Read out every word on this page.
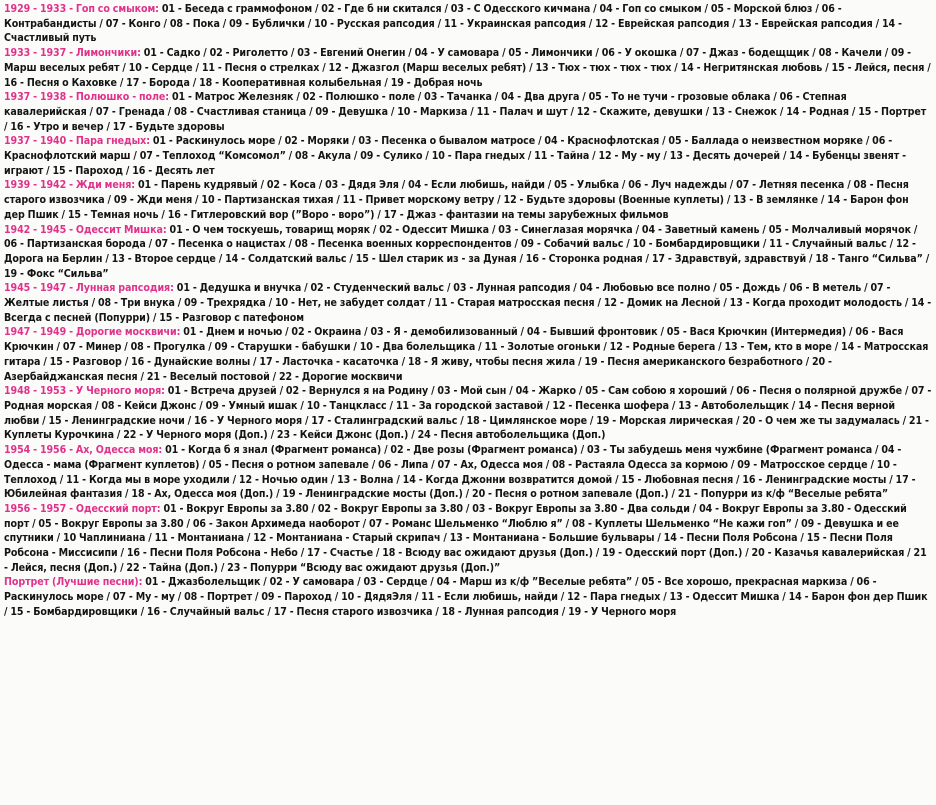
1929 - 1933 - Гоп со смыком: 01 - Беседа с граммофоном / 02 - Где б ни скитался / 03 - С Одесского кичмана / 04 - Гоп со смыком / 05 - Морской блюз / 06 - Контрабандисты / 07 - Конго / 08 - Пока / 09 - Бублички / 10 - Русская рапсодия / 11 - Украинская рапсодия / 12 - Еврейская рапсодия / 13 - Еврейская рапсодия / 14 - Счастливый путь

1933 - 1937 - Лимончики: 01 - Садко / 02 - Риголетто / 03 - Евгений Онегин / 04 - У самовара / 05 - Лимончики / 06 - У окошка / 07 - Джаз - бодещщик / 08 - Качели / 09 - Марш веселых ребят / 10 - Сердце / 11 - Песня о стрелках / 12 - Джазгол (Марш веселых ребят) / 13 - Тюх - тюх - тюх - тюх / 14 - Негритянская любовь / 15 - Лейся, песня / 16 - Песня о Каховке / 17 - Борода / 18 - Кооперативная колыбельная / 19 - Добрая ночь

1937 - 1938 - Полюшко - поле: 01 - Матрос Железняк / 02 - Полюшко - поле / 03 - Тачанка / 04 - Два друга / 05 - То не тучи - грозовые облака / 06 - Степная кавалерийская / 07 - Гренада / 08 - Счастливая станица / 09 - Девушка / 10 - Маркиза / 11 - Палач и шут / 12 - Скажите, девушки / 13 - Снежок / 14 - Родная / 15 - Портрет / 16 - Утро и вечер / 17 - Будьте здоровы

1937 - 1940 - Пара гнедых: 01 - Раскинулось море / 02 - Моряки / 03 - Песенка о бывалом матросе / 04 - Краснофлотская / 05 - Баллада о неизвестном моряке / 06 - Краснофлотский марш / 07 - Теплоход “Комсомол” / 08 - Акула / 09 - Сулико / 10 - Пара гнедых / 11 - Тайна / 12 - Му - му / 13 - Десять дочерей / 14 - Бубенцы звенят - играют / 15 - Пароход / 16 - Десять лет

1939 - 1942 - Жди меня: 01 - Парень кудрявый / 02 - Коса / 03 - Дядя Эля / 04 - Если любишь, найди / 05 - Улыбка / 06 - Луч надежды / 07 - Летняя песенка / 08 - Песня старого извозчика / 09 - Жди меня / 10 - Партизанская тихая / 11 - Привет морскому ветру / 12 - Будьте здоровы (Военные куплеты) / 13 - В землянке / 14 - Барон фон дер Пшик / 15 - Темная ночь / 16 - Гитлеровский вор (”Воро - воро”) / 17 - Джаз - фантазии на темы зарубежных фильмов

1942 - 1945 - Одессит Мишка: 01 - О чем тоскуешь, товарищ моряк / 02 - Одессит Мишка / 03 - Синеглазая морячка / 04 - Заветный камень / 05 - Молчаливый морячок / 06 - Партизанская борода / 07 - Песенка о нацистах / 08 - Песенка военных корреспондентов / 09 - Собачий вальс / 10 - Бомбардировщики / 11 - Случайный вальс / 12 - Дорога на Берлин / 13 - Второе сердце / 14 - Солдатский вальс / 15 - Шел старик из - за Дуная / 16 - Сторонка родная / 17 - Здравствуй, здравствуй / 18 - Танго “Сильва” / 19 - Фокс “Сильва”

1945 - 1947 - Лунная рапсодия: 01 - Дедушка и внучка / 02 - Студенческий вальс / 03 - Лунная рапсодия / 04 - Любовью все полно / 05 - Дождь / 06 - В метель / 07 - Желтые листья / 08 - Три внука / 09 - Трехрядка / 10 - Нет, не забудет солдат / 11 - Старая матросская песня / 12 - Домик на Лесной / 13 - Когда проходит молодость / 14 - Всегда с песней (Попурри) / 15 - Разговор с патефоном

1947 - 1949 - Дорогие москвичи: 01 - Днем и ночью / 02 - Окраина / 03 - Я - демобилизованный / 04 - Бывший фронтовик / 05 - Вася Крючкин (Интермедия) / 06 - Вася Крючкин / 07 - Минер / 08 - Прогулка / 09 - Старушки - бабушки / 10 - Два болельщика / 11 - Золотые огоньки / 12 - Родные берега / 13 - Тем, кто в море / 14 - Матросская гитара / 15 - Разговор / 16 - Дунайские волны / 17 - Ласточка - касаточка / 18 - Я живу, чтобы песня жила / 19 - Песня американского безработного / 20 - Азербайджанская песня / 21 - Веселый постовой / 22 - Дорогие москвичи

1948 - 1953 - У Черного моря: 01 - Встреча друзей / 02 - Вернулся я на Родину / 03 - Мой сын / 04 - Жарко / 05 - Сам собою я хороший / 06 - Песня о полярной дружбе / 07 - Родная морская / 08 - Кейси Джонс / 09 - Умный ишак / 10 - Танцкласс / 11 - За городской заставой / 12 - Песенка шофера / 13 - Автоболельщик / 14 - Песня верной любви / 15 - Ленинградские ночи / 16 - У Черного моря / 17 - Сталинградский вальс / 18 - Цимлянское море / 19 - Морская лирическая / 20 - О чем же ты задумалась / 21 - Куплеты Курочкина / 22 - У Черного моря (Доп.) / 23 - Кейси Джонс (Доп.) / 24 - Песня автоболельщика (Доп.)

1954 - 1956 - Ах, Одесса моя: 01 - Когда б я знал (Фрагмент романса) / 02 - Две розы (Фрагмент романса) / 03 - Ты забудешь меня чужбине (Фрагмент романса / 04 - Одесса - мама (Фрагмент куплетов) / 05 - Песня о ротном запевале / 06 - Липа / 07 - Ах, Одесса моя / 08 - Растаяла Одесса за кормою / 09 - Матросское сердце / 10 - Теплоход / 11 - Когда мы в море уходили / 12 - Ночью один / 13 - Волна / 14 - Когда Джонни возвратится домой / 15 - Любовная песня / 16 - Ленинградские мосты / 17 - Юбилейная фантазия / 18 - Ах, Одесса моя (Доп.) / 19 - Ленинградские мосты (Доп.) / 20 - Песня о ротном запевале (Доп.) / 21 - Попурри из к/ф “Веселые ребята”

1956 - 1957 - Одесский порт: 01 - Вокруг Европы за 3.80 / 02 - Вокруг Европы за 3.80 / 03 - Вокруг Европы за 3.80 - Два сольди / 04 - Вокруг Европы за 3.80 - Одесский порт / 05 - Вокруг Европы за 3.80 / 06 - Закон Архимеда наоборот / 07 - Романс Шельменко “Люблю я” / 08 - Куплеты Шельменко “Не кажи гоп” / 09 - Девушка и ее спутники / 10 Чаплиниана / 11 - Монтаниана / 12 - Монтаниана - Старый скрипач / 13 - Монтаниана - Большие бульвары / 14 - Песни Поля Робсона / 15 - Песни Поля Робсона - Миссисипи / 16 - Песни Поля Робсона - Небо / 17 - Счастье / 18 - Всюду вас ожидают друзья (Доп.) / 19 - Одесский порт (Доп.) / 20 - Казачья кавалерийская / 21 - Лейся, песня (Доп.) / 22 - Тайна (Доп.) / 23 - Попурри “Всюду вас ожидают друзья (Доп.)”

Портрет (Лучшие песни): 01 - Джазболельщик / 02 - У самовара / 03 - Сердце / 04 - Марш из к/ф ”Веселые ребята” / 05 - Все хорошо, прекрасная маркиза / 06 - Раскинулось море / 07 - Му - му / 08 - Портрет / 09 - Пароход / 10 - ДядяЭля / 11 - Если любишь, найди / 12 - Пара гнедых / 13 - Одессит Мишка / 14 - Барон фон дер Пшик / 15 - Бомбардировщики / 16 - Случайный вальс / 17 - Песня старого извозчика / 18 - Лунная рапсодия / 19 - У Черного моря
